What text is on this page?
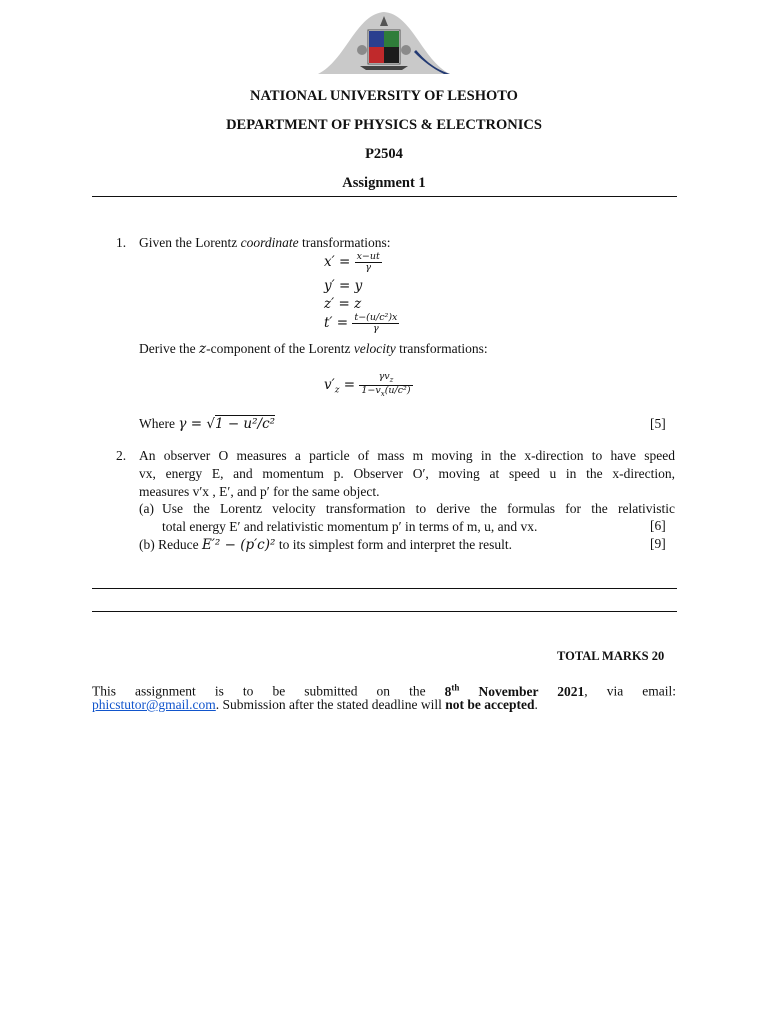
NATIONAL UNIVERSITY OF LESHOTO
DEPARTMENT OF PHYSICS & ELECTRONICS
P2504
Assignment 1
1. Given the Lorentz coordinate transformations:
$x' = \frac{x-ut}{\gamma}$
y′ = y
z′ = z
$t' = \frac{\text{t−(u/c²)x}}{\gamma}$
Derive the z-component of the Lorentz velocity transformations:
$v'_z = \frac{\gamma v_z}{1-v_x(u/c^2)}$
Where γ = √1 − u²/c²	[5]
2. An observer O measures a particle of mass m moving in the x-direction to have speed
vx, energy E, and momentum p. Observer O′, moving at speed u in the x-direction,
measures v′x , E′, and p′ for the same object.
(a) Use the Lorentz velocity transformation to derive the formulas for the relativistic
total energy E′ and relativistic momentum p′ in terms of m, u, and vx.	[6]
(b) Reduce E′² − (p′c)² to its simplest form and interpret the result.	[9]
TOTAL MARKS 20
This assignment is to be submitted on the 8th November 2021, via email:
phicstutor@gmail.com. Submission after the stated deadline will not be accepted.
